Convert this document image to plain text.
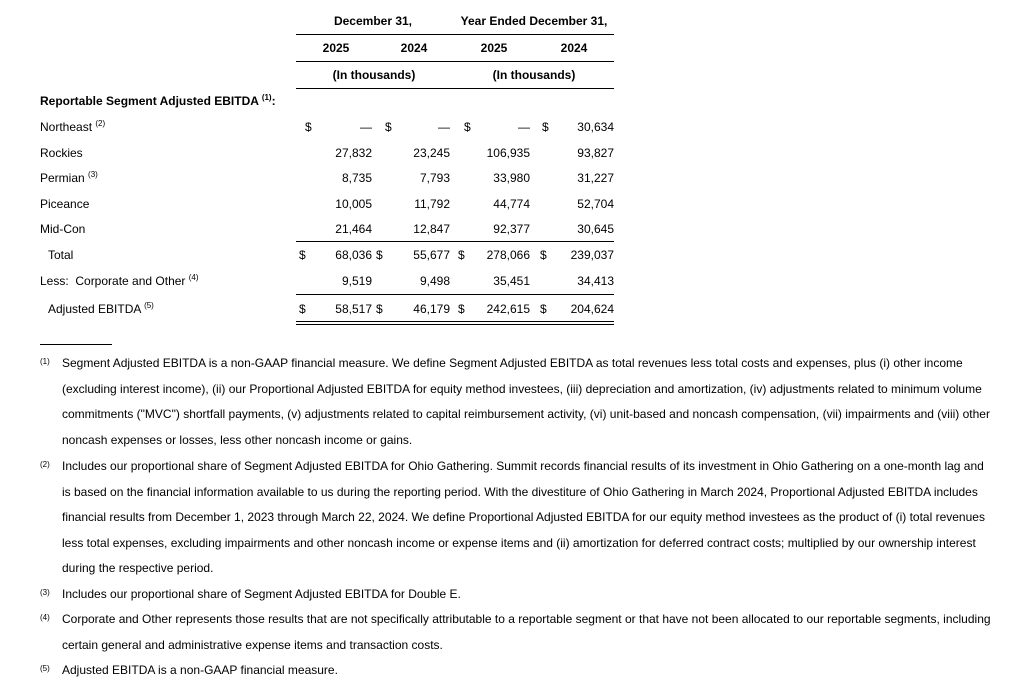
December 31,	Year Ended December 31,
2025	2024	2025	2024
(In thousands)	(In thousands)
Reportable Segment Adjusted EBITDA $^{(1)}$:
Northeast $^{(2)}$	$	— $	— $	— $	30,634
Rockies	27,832	23,245	106,935	93,827
Permian $^{(3)}$	8,735	7,793	33,980	31,227
Piceance	10,005	11,792	44,774	52,704
Mid-Con	21,464	12,847	92,377	30,645
Total	$	68,036 $	55,677 $	278,066 $	239,037
Less:  Corporate and Other $^{(4)}$	9,519	9,498	35,451	34,413
Adjusted EBITDA $^{(5)}$	$	58,517 $	46,179 $	242,615 $	204,624
(1) Segment Adjusted EBITDA is a non-GAAP financial measure. We define Segment Adjusted EBITDA as total revenues less total costs and expenses, plus (i) other income (excluding interest income), (ii) our Proportional Adjusted EBITDA for equity method investees, (iii) depreciation and amortization, (iv) adjustments related to minimum volume commitments ("MVC") shortfall payments, (v) adjustments related to capital reimbursement activity, (vi) unit-based and noncash compensation, (vii) impairments and (viii) other noncash expenses or losses, less other noncash income or gains.
(2) Includes our proportional share of Segment Adjusted EBITDA for Ohio Gathering. Summit records financial results of its investment in Ohio Gathering on a one-month lag and is based on the financial information available to us during the reporting period. With the divestiture of Ohio Gathering in March 2024, Proportional Adjusted EBITDA includes financial results from December 1, 2023 through March 22, 2024. We define Proportional Adjusted EBITDA for our equity method investees as the product of (i) total revenues less total expenses, excluding impairments and other noncash income or expense items and (ii) amortization for deferred contract costs; multiplied by our ownership interest during the respective period.
(3) Includes our proportional share of Segment Adjusted EBITDA for Double E.
(4) Corporate and Other represents those results that are not specifically attributable to a reportable segment or that have not been allocated to our reportable segments, including certain general and administrative expense items and transaction costs.
(5) Adjusted EBITDA is a non-GAAP financial measure.
